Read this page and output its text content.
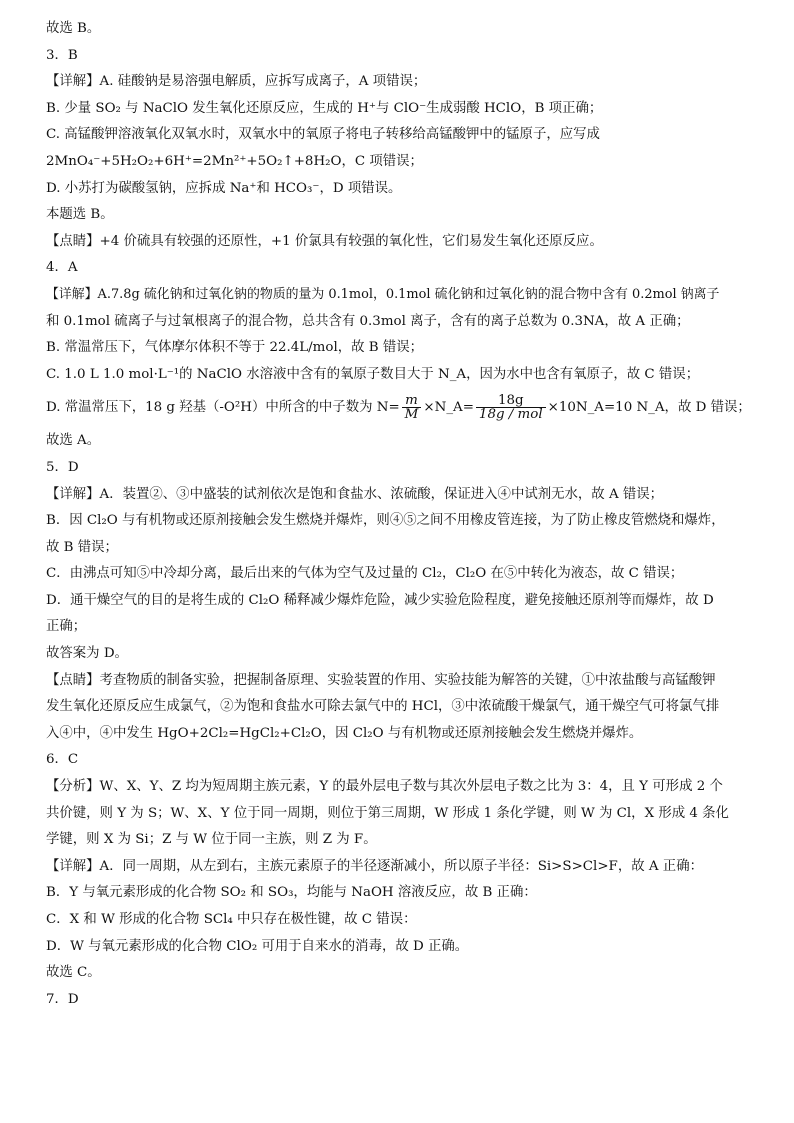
故选 B。
3．B
【详解】A. 硅酸钠是易溶强电解质，应拆写成离子，A 项错误；
B. 少量 SO₂ 与 NaClO 发生氧化还原反应，生成的 H⁺与 ClO⁻生成弱酸 HClO，B 项正确；
C. 高锰酸钾溶液氧化双氧水时，双氧水中的氧原子将电子转移给高锰酸钾中的锰原子，应写成
2MnO₄⁻+5H₂O₂+6H⁺=2Mn²⁺+5O₂↑+8H₂O，C 项错误；
D. 小苏打为碳酸氢钠，应拆成 Na⁺和 HCO₃⁻，D 项错误。
本题选 B。
【点睛】+4 价硫具有较强的还原性，+1 价氯具有较强的氧化性，它们易发生氧化还原反应。
4．A
【详解】A.7.8g 硫化钠和过氧化钠的物质的量为 0.1mol，0.1mol 硫化钠和过氧化钠的混合物中含有 0.2mol 钠离子
和 0.1mol 硫离子与过氧根离子的混合物，总共含有 0.3mol 离子，含有的离子总数为 0.3NA，故 A 正确；
B. 常温常压下，气体摩尔体积不等于 22.4L/mol，故 B 错误；
C. 1.0 L 1.0 mol·L⁻¹的 NaClO 水溶液中含有的氧原子数目大于 N_A，因为水中也含有氧原子，故 C 错误；
D. 常温常压下，18 g 羟基（-O²H）中所含的中子数为 $N= \frac{m}{M}$ ×N_A= $\frac{18g}{\text{18g / mol}}$ ×10N_A=10 N_A，故 D 错误；
故选 A。
5．D
【详解】A．装置②、③中盛装的试剂依次是饱和食盐水、浓硫酸，保证进入④中试剂无水，故 A 错误；
B．因 Cl₂O 与有机物或还原剂接触会发生燃烧并爆炸，则④⑤之间不用橡皮管连接，为了防止橡皮管燃烧和爆炸，
故 B 错误；
C．由沸点可知⑤中冷却分离，最后出来的气体为空气及过量的 Cl₂，Cl₂O 在⑤中转化为液态，故 C 错误；
D．通干燥空气的目的是将生成的 Cl₂O 稀释减少爆炸危险，减少实验危险程度，避免接触还原剂等而爆炸，故 D
正确；
故答案为 D。
【点睛】考查物质的制备实验，把握制备原理、实验装置的作用、实验技能为解答的关键，①中浓盐酸与高锰酸钾
发生氧化还原反应生成氯气，②为饱和食盐水可除去氯气中的 HCl，③中浓硫酸干燥氯气，通干燥空气可将氯气排
入④中，④中发生 HgO+2Cl₂=HgCl₂+Cl₂O，因 Cl₂O 与有机物或还原剂接触会发生燃烧并爆炸。
6．C
【分析】W、X、Y、Z 均为短周期主族元素，Y 的最外层电子数与其次外层电子数之比为 3：4，且 Y 可形成 2 个
共价键，则 Y 为 S；W、X、Y 位于同一周期，则位于第三周期，W 形成 1 条化学键，则 W 为 Cl，X 形成 4 条化
学键，则 X 为 Si；Z 与 W 位于同一主族，则 Z 为 F。
【详解】A．同一周期，从左到右，主族元素原子的半径逐渐减小，所以原子半径：Si>S>Cl>F，故 A 正确：
B．Y 与氧元素形成的化合物 SO₂ 和 SO₃，均能与 NaOH 溶液反应，故 B 正确：
C．X 和 W 形成的化合物 SCl₄ 中只存在极性键，故 C 错误：
D．W 与氧元素形成的化合物 ClO₂ 可用于自来水的消毒，故 D 正确。
故选 C。
7．D
